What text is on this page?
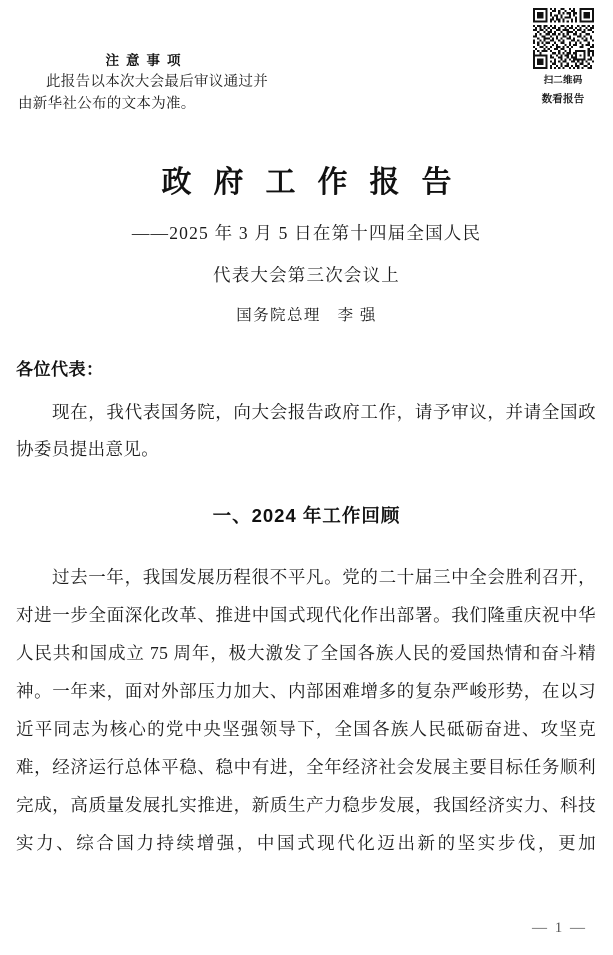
扫二维码
数看报告
注意事项
此报告以本次大会最后审议通过并由新华社公布的文本为准。
政府工作报告
——2025 年 3 月 5 日在第十四届全国人民
代表大会第三次会议上
国务院总理　李 强
各位代表：
现在，我代表国务院，向大会报告政府工作，请予审议，并请全国政协委员提出意见。
一、2024 年工作回顾
过去一年，我国发展历程很不平凡。党的二十届三中全会胜利召开，对进一步全面深化改革、推进中国式现代化作出部署。我们隆重庆祝中华人民共和国成立 75 周年，极大激发了全国各族人民的爱国热情和奋斗精神。一年来，面对外部压力加大、内部困难增多的复杂严峻形势，在以习近平同志为核心的党中央坚强领导下，全国各族人民砥砺奋进、攻坚克难，经济运行总体平稳、稳中有进，全年经济社会发展主要目标任务顺利完成，高质量发展扎实推进，新质生产力稳步发展，我国经济实力、科技实力、综合国力持续增强，中国式现代化迈出新的坚实步伐，更加
— 1 —
